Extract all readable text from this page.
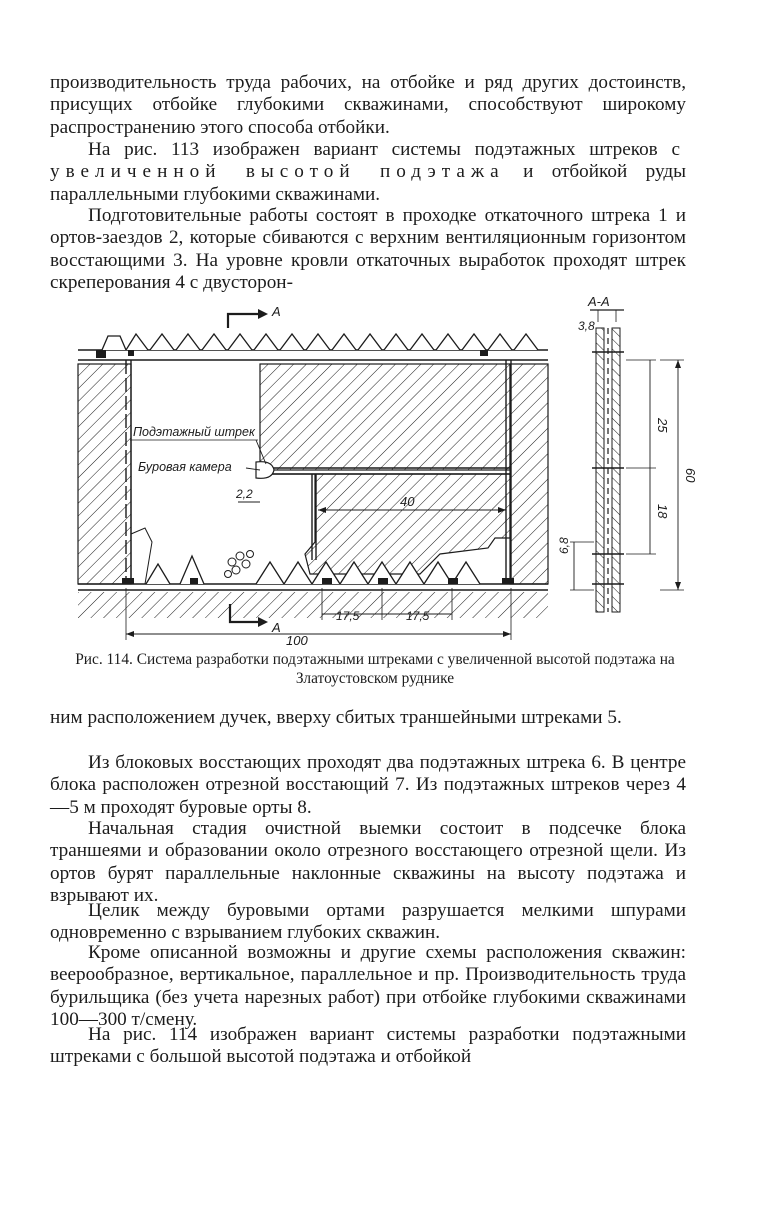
производительность труда рабочих, на отбойке и ряд других достоинств, присущих отбойке глубокими скважинами, способствуют широкому распространению этого способа отбойки.

На рис. 113 изображен вариант системы подэтажных штреков с увеличенной высотой подэтажа и отбойкой руды параллельными глубокими скважинами.

Подготовительные работы состоят в проходке откаточного штрека 1 и ортов-заездов 2, которые сбиваются с верхним вентиляционным горизонтом восстающими 3. На уровне кровли откаточных выработок проходят штрек скреперования 4 с двусторон-

Подэтажный штрек
Буровая камера
A
A
2,2	40
17,5	17,5
100
А-А
3,8
25
18
60
6,8

Рис. 114. Система разработки подэтажными штреками с увеличенной высотой подэтажа на Златоустовском руднике

ним расположением дучек, вверху сбитых траншейными штреками 5.

Из блоковых восстающих проходят два подэтажных штрека 6. В центре блока расположен отрезной восстающий 7. Из подэтажных штреков через 4—5 м проходят буровые орты 8.

Начальная стадия очистной выемки состоит в подсечке блока траншеями и образовании около отрезного восстающего отрезной щели. Из ортов бурят параллельные наклонные скважины на высоту подэтажа и взрывают их.

Целик между буровыми ортами разрушается мелкими шпурами одновременно с взрыванием глубоких скважин.

Кроме описанной возможны и другие схемы расположения скважин: веерообразное, вертикальное, параллельное и пр. Производительность труда бурильщика (без учета нарезных работ) при отбойке глубокими скважинами 100—300 т/смену.

На рис. 114 изображен вариант системы разработки подэтажными штреками с большой высотой подэтажа и отбойкой
